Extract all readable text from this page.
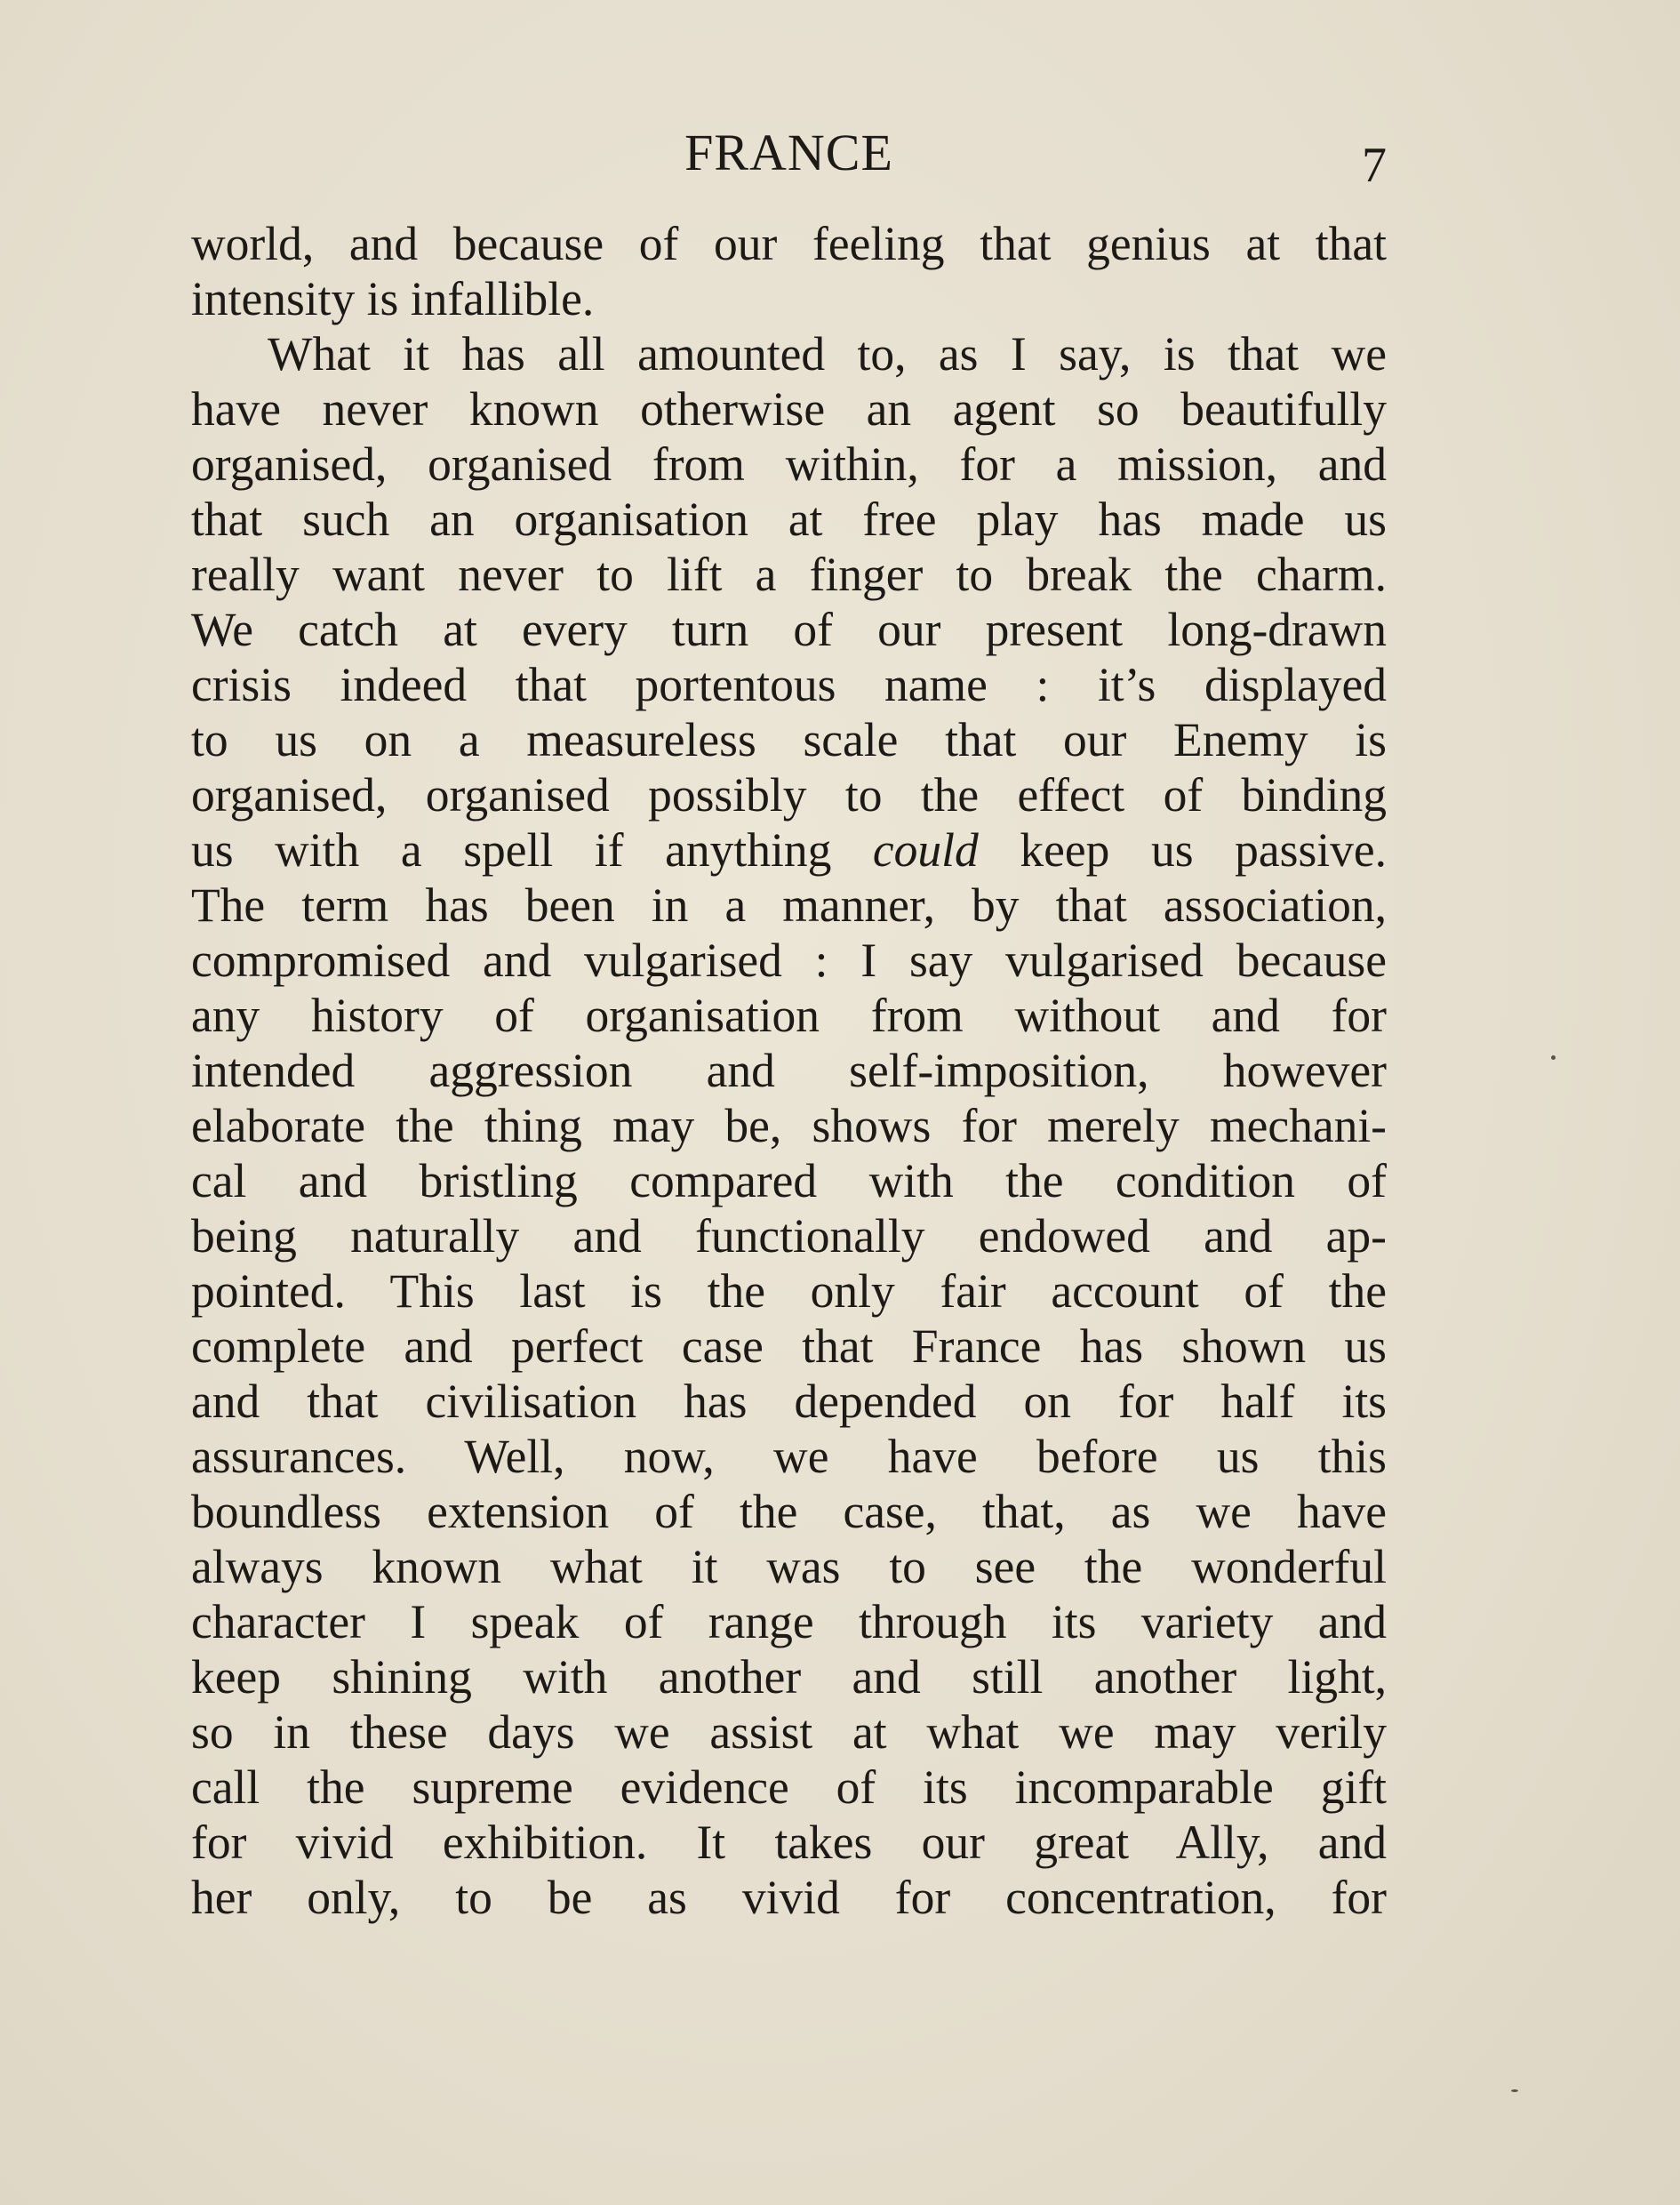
FRANCE	7
world, and because of our feeling that genius at that
intensity is infallible.
What it has all amounted to, as I say, is that we
have never known otherwise an agent so beautifully
organised, organised from within, for a mission, and
that such an organisation at free play has made us
really want never to lift a finger to break the charm.
We catch at every turn of our present long-drawn
crisis indeed that portentous name : it’s displayed
to us on a measureless scale that our Enemy is
organised, organised possibly to the effect of binding
us with a spell if anything could keep us passive.
The term has been in a manner, by that association,
compromised and vulgarised : I say vulgarised because
any history of organisation from without and for
intended aggression and self-imposition, however
elaborate the thing may be, shows for merely mechani-
cal and bristling compared with the condition of
being naturally and functionally endowed and ap-
pointed. This last is the only fair account of the
complete and perfect case that France has shown us
and that civilisation has depended on for half its
assurances. Well, now, we have before us this
boundless extension of the case, that, as we have
always known what it was to see the wonderful
character I speak of range through its variety and
keep shining with another and still another light,
so in these days we assist at what we may verily
call the supreme evidence of its incomparable gift
for vivid exhibition. It takes our great Ally, and
her only, to be as vivid for concentration, for
